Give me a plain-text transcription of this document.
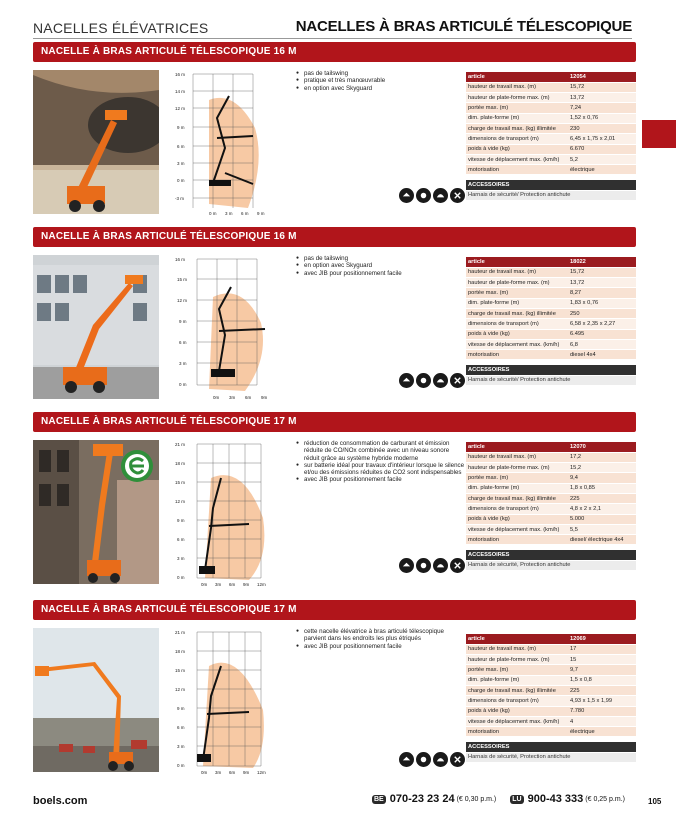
NACELLES ÉLÉVATRICES	NACELLES À BRAS ARTICULÉ TÉLESCOPIQUE
NACELLE À BRAS ARTICULÉ TÉLESCOPIQUE 16 M
16 m
14 m
12 m
9 m
6 m
3 m
0 m
-3 m
0 m 3 m 6 m 9 m
● pas de tailswing
● pratique et très manœuvrable
● en option avec Skyguard
article	12054
hauteur de travail max. (m)	15,72
hauteur de plate-forme max. (m)	13,72
portée max. (m)	7,24
dim. plate-forme (m)	1,52 x 0,76
charge de travail max. (kg) illimitée	230
dimensions de transport (m)	6,45 x 1,75 x 2,01
poids à vide (kg)	6.670
vitesse de déplacement max. (km/h)	5,2
motorisation	électrique

ACCESSOIRES	
Harnais de sécurité/ Protection antichute	
NACELLE À BRAS ARTICULÉ TÉLESCOPIQUE 16 M
16 m
15 m
12 m
9 m
6 m
3 m
0 m
0m 3m 6m 9m
● pas de tailswing
● en option avec Skyguard
● avec JIB pour positionnement facile
article	18022
hauteur de travail max. (m)	15,72
hauteur de plate-forme max. (m)	13,72
portée max. (m)	8,27
dim. plate-forme (m)	1,83 x 0,76
charge de travail max. (kg) illimitée	250
dimensions de transport (m)	6,58 x 2,35 x 2,27
poids à vide (kg)	6.495
vitesse de déplacement max. (km/h)	6,8
motorisation	diesel 4x4

ACCESSOIRES	
Harnais de sécurité/ Protection antichute	
NACELLE À BRAS ARTICULÉ TÉLESCOPIQUE 17 M
21 m
18 m
15 m
12 m
9 m
6 m
3 m
0 m
0m 3m 6m 9m 12m
● réduction de consommation de carburant et émission réduite de CO/NOx combinée avec un niveau sonore réduit grâce au système hybride moderne
● sur batterie idéal pour travaux d'intérieur lorsque le silence et/ou des émissions réduites de CO2 sont indispensables
● avec JIB pour positionnement facile
article	12070
hauteur de travail max. (m)	17,2
hauteur de plate-forme max. (m)	15,2
portée max. (m)	9,4
dim. plate-forme (m)	1,8 x 0,85
charge de travail max. (kg) illimitée	225
dimensions de transport (m)	4,8 x 2 x 2,1
poids à vide (kg)	5.000
vitesse de déplacement max. (km/h)	5,5
motorisation	diesel/ électrique 4x4

ACCESSOIRES	
Harnais de sécurité, Protection antichute	
NACELLE À BRAS ARTICULÉ TÉLESCOPIQUE 17 M
21 m
18 m
15 m
12 m
9 m
6 m
3 m
0 m
0m 3m 6m 9m 12m
● cette nacelle élévatrice à bras articulé télescopique parvient dans les endroits les plus étriqués
● avec JIB pour positionnement facile
article	12069
hauteur de travail max. (m)	17
hauteur de plate-forme max. (m)	15
portée max. (m)	9,7
dim. plate-forme (m)	1,5 x 0,8
charge de travail max. (kg) illimitée	225
dimensions de transport (m)	4,93 x 1,5 x 1,99
poids à vide (kg)	7.780
vitesse de déplacement max. (km/h)	4
motorisation	électrique

ACCESSOIRES	
Harnais de sécurité, Protection antichute	
boels.com	BE 070-23 23 24 (€ 0,30 p.m.) LU 900-43 333 (€ 0,25 p.m.)	105
